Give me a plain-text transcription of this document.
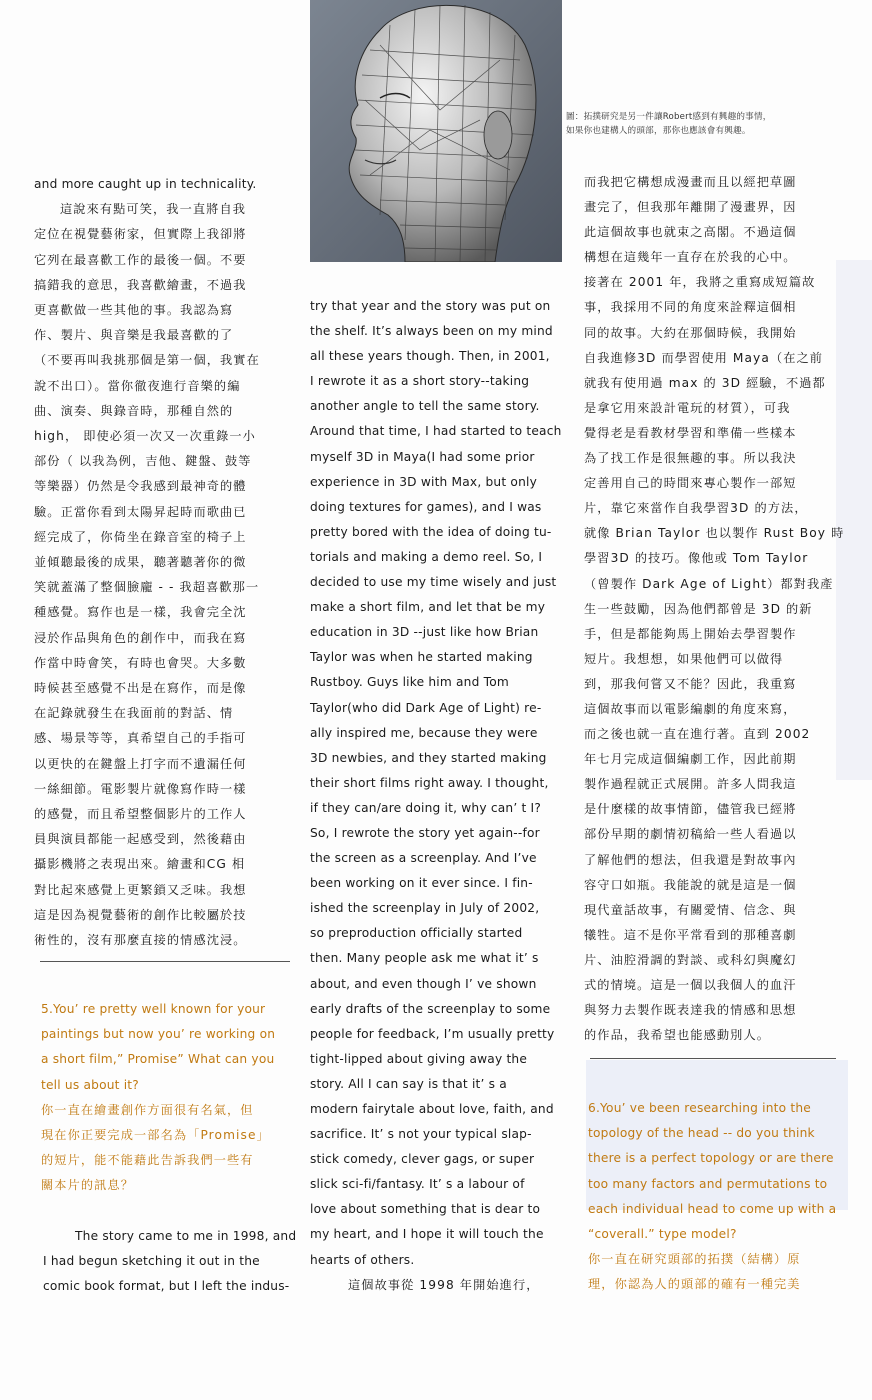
圖：拓撲研究是另一件讓Robert感到有興趣的事情，
如果你也建構人的頭部，那你也應該會有興趣。
and more caught up in technicality.
這說來有點可笑，我一直將自我
定位在視覺藝術家，但實際上我卻將
它列在最喜歡工作的最後一個。不要
搞錯我的意思，我喜歡繪畫，不過我
更喜歡做一些其他的事。我認為寫
作、製片、與音樂是我最喜歡的了
（不要再叫我挑那個是第一個，我實在
說不出口）。當你徹夜進行音樂的編
曲、演奏、與錄音時，那種自然的
high， 即使必須一次又一次重錄一小
部份（ 以我為例，吉他、鍵盤、鼓等
等樂器）仍然是令我感到最神奇的體
驗。正當你看到太陽昇起時而歌曲已
經完成了，你倚坐在錄音室的椅子上
並傾聽最後的成果，聽著聽著你的微
笑就蓋滿了整個臉龐 - - 我超喜歡那一
種感覺。寫作也是一樣，我會完全沈
浸於作品與角色的創作中，而我在寫
作當中時會笑，有時也會哭。大多數
時候甚至感覺不出是在寫作，而是像
在記錄就發生在我面前的對話、情
感、場景等等，真希望自己的手指可
以更快的在鍵盤上打字而不遺漏任何
一絲細節。電影製片就像寫作時一樣
的感覺，而且希望整個影片的工作人
員與演員都能一起感受到，然後藉由
攝影機將之表現出來。繪畫和CG 相
對比起來感覺上更繁鎖又乏味。我想
這是因為視覺藝術的創作比較屬於技
術性的，沒有那麼直接的情感沈浸。
5.You’ re pretty well known for your
paintings but now you’ re working on
a short film,” Promise” What can you
tell us about it?
你一直在繪畫創作方面很有名氣，但
現在你正要完成一部名為「Promise」
的短片，能不能藉此告訴我們一些有
關本片的訊息？
The story came to me in 1998, and
I had begun sketching it out in the
comic book format, but I left the indus-
try that year and the story was put on
the shelf. It’s always been on my mind
all these years though. Then, in 2001,
I rewrote it as a short story--taking
another angle to tell the same story.
Around that time, I had started to teach
myself 3D in Maya(I had some prior
experience in 3D with Max, but only
doing textures for games), and I was
pretty bored with the idea of doing tu-
torials and making a demo reel. So, I
decided to use my time wisely and just
make a short film, and let that be my
education in 3D --just like how Brian
Taylor was when he started making
Rustboy. Guys like him and Tom
Taylor(who did Dark Age of Light) re-
ally inspired me, because they were
3D newbies, and they started making
their short films right away. I thought,
if they can/are doing it, why can’ t I?
So, I rewrote the story yet again--for
the screen as a screenplay. And I’ve
been working on it ever since. I fin-
ished the screenplay in July of 2002,
so preproduction officially started
then. Many people ask me what it’ s
about, and even though I’ ve shown
early drafts of the screenplay to some
people for feedback, I’m usually pretty
tight-lipped about giving away the
story. All I can say is that it’ s a
modern fairytale about love, faith, and
sacrifice. It’ s not your typical slap-
stick comedy, clever gags, or super
slick sci-fi/fantasy. It’ s a labour of
love about something that is dear to
my heart, and I hope it will touch the
hearts of others.
這個故事從 1998 年開始進行，
而我把它構想成漫畫而且以經把草圖
畫完了，但我那年離開了漫畫界，因
此這個故事也就束之高閣。不過這個
構想在這幾年一直存在於我的心中。
接著在 2001 年，我將之重寫成短篇故
事，我採用不同的角度來詮釋這個相
同的故事。大約在那個時候，我開始
自我進修3D 而學習使用 Maya（在之前
就我有使用過 max 的 3D 經驗，不過都
是拿它用來設計電玩的材質），可我
覺得老是看教材學習和準備一些樣本
為了找工作是很無趣的事。所以我決
定善用自己的時間來專心製作一部短
片，靠它來當作自我學習3D 的方法，
就像 Brian Taylor 也以製作 Rust Boy 時
學習3D 的技巧。像他或 Tom Taylor
（曾製作 Dark Age of Light）都對我產
生一些鼓勵，因為他們都曾是 3D 的新
手，但是都能夠馬上開始去學習製作
短片。我想想，如果他們可以做得
到，那我何嘗又不能？因此，我重寫
這個故事而以電影編劇的角度來寫，
而之後也就一直在進行著。直到 2002
年七月完成這個編劇工作，因此前期
製作過程就正式展開。許多人問我這
是什麼樣的故事情節，儘管我已經將
部份早期的劇情初稿給一些人看過以
了解他們的想法，但我還是對故事內
容守口如瓶。我能說的就是這是一個
現代童話故事，有關愛情、信念、與
犧牲。這不是你平常看到的那種喜劇
片、油腔滑調的對談、或科幻與魔幻
式的情境。這是一個以我個人的血汗
與努力去製作既表達我的情感和思想
的作品，我希望也能感動別人。
6.You’ ve been researching into the
topology of the head -- do you think
there is a perfect topology or are there
too many factors and permutations to
each individual head to come up with a
“coverall.” type model?
你一直在研究頭部的拓撲（結構）原
理，你認為人的頭部的確有一種完美
